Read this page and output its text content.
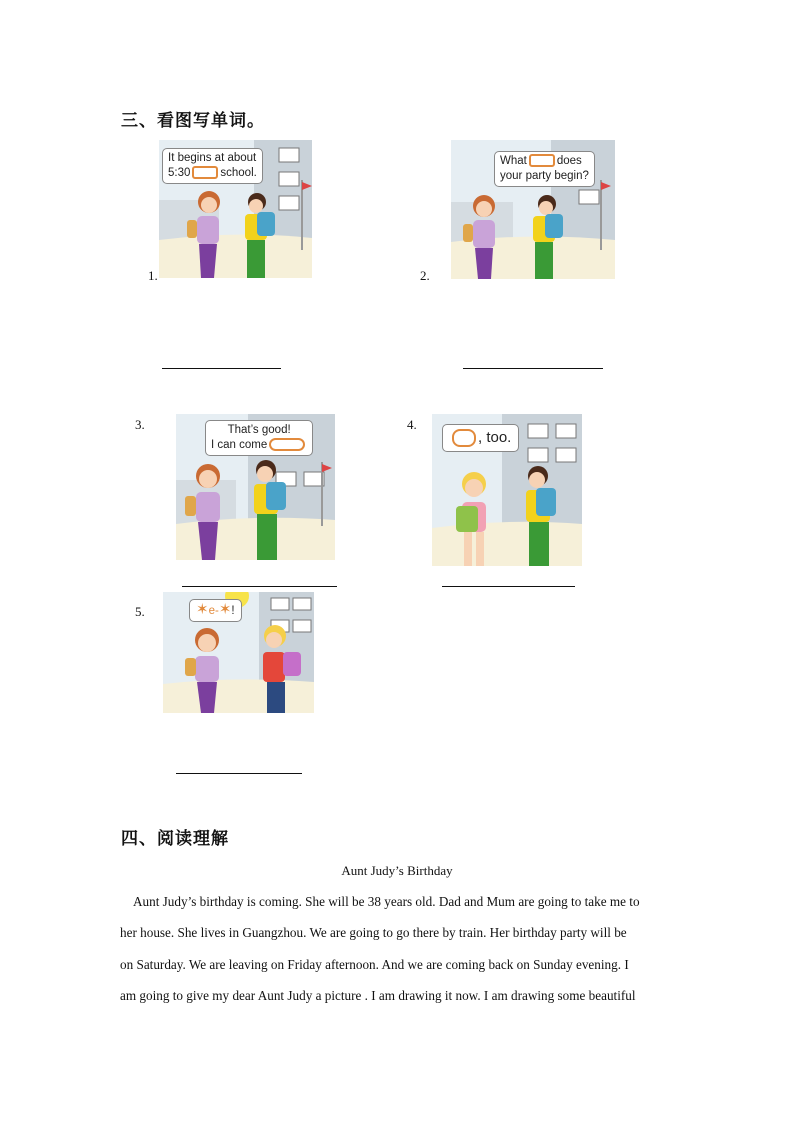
三、看图写单词。
1.
It begins at about
5:30	school.
2.
What	does
your party begin?
3.	That’s good!
I can come
4.
, too.
5.	✶e-✶!
四、阅读理解
Aunt Judy’s Birthday
Aunt Judy’s birthday is coming. She will be 38 years old. Dad and Mum are going to take me to
her house. She lives in Guangzhou. We are going to go there by train. Her birthday party will be
on Saturday. We are leaving on Friday afternoon. And we are coming back on Sunday evening. I
am going to give my dear Aunt Judy a picture . I am drawing it now. I am drawing some beautiful
